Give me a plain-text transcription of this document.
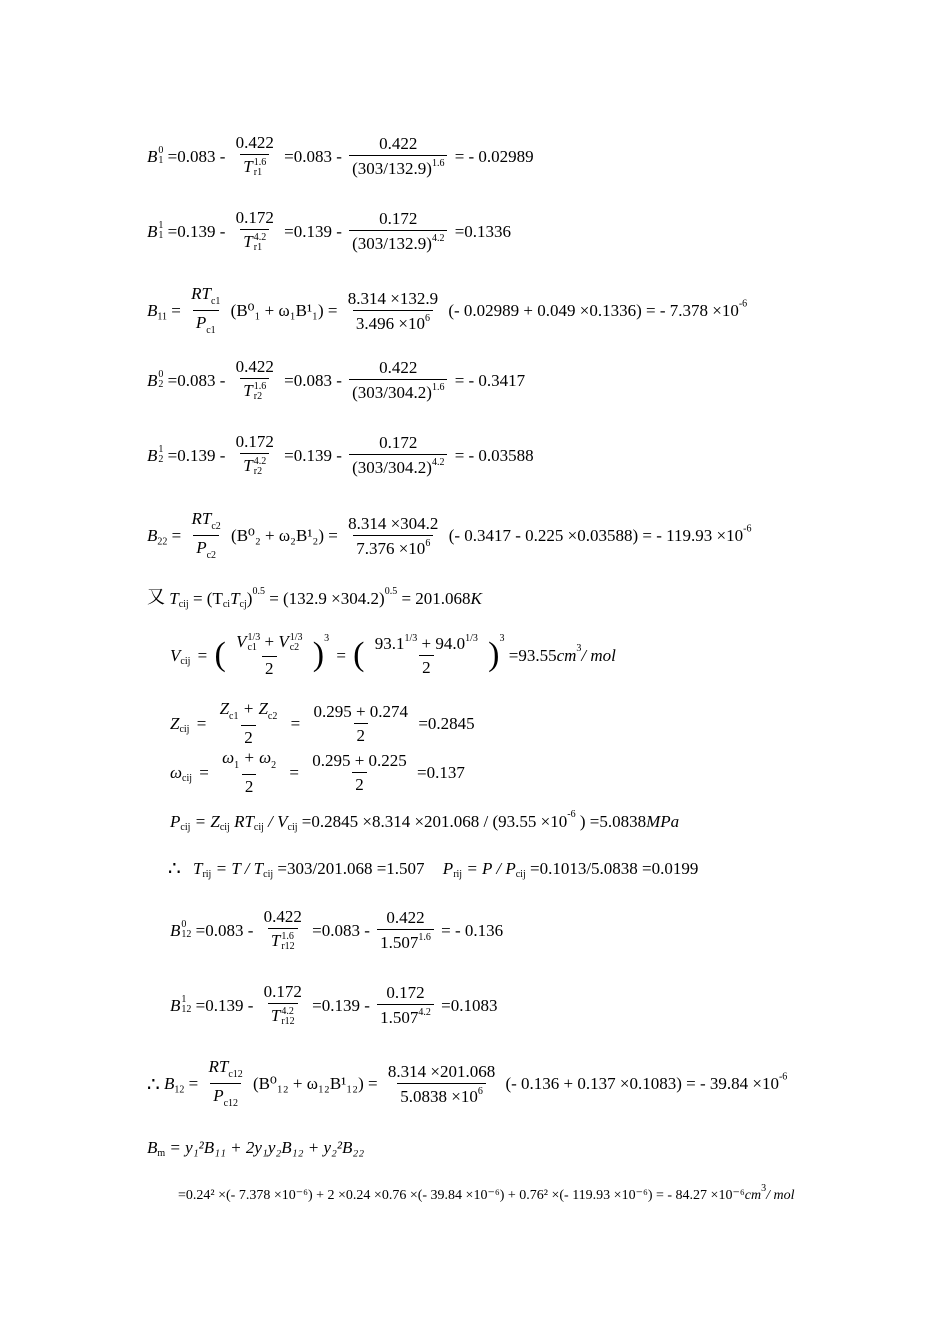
B 0
1 =0.083 - 0.422
T 1.6
$r1 =0.083 - \frac{0.422}{(303/132.9)^{1.6}}$ = - 0.02989
B 1
1 =0.139 - 0.172
T 4.2
$r1 =0.139 - \frac{0.172}{(303/132.9)^{4.2}} =0.1336$
$B_{11} = \frac{RT_{c1}}{P_{c1}} (B^0_1 + \omega_1B^1_1) = \frac{8.314 \times 132.9}{3.496 \times 10^6}$ (- 0.02989 + 0.049 ×0.1336) = - $7.378 \times 10^{-6}$
B 0
2 =0.083 - 0.422
T 1.6
$r2 =0.083 - \frac{0.422}{(303/304.2)^{1.6}}$ = - 0.3417
B 1
2 =0.139 - 0.172
T 4.2
$r2 =0.139 - \frac{0.172}{(303/304.2)^{4.2}}$ = - 0.03588
$B_{22} = \frac{RT_{c2}}{P_{c2}} (B^0_2 + \omega_2B^1_2) = \frac{8.314 \times 304.2}{7.376 \times 10^6}$ (- 0.3417 - 0.225 ×0.03588) = - $119.93 \times 10^{-6}$
又 $T_{cij} = (T_{ci}T_{cj})^{0.5} = (132.9 \times 304.2)^{0.5} = 201.068K$
$V_{cij}$ = ( V 1/3
c1 + V 1/3
c2
2 )$^3$ = ( $\frac{93.1^{1/3} + 94.0^{1/3}}{2} )^3 =93.55cm^3/$ mol
$Z_{cij} = \frac{Z_{c1} + Z_{c2}}{2} = \frac{0.295 + 0.274}{2} =0.2845$
$\omega_{cij} = \frac{\omega_1 + \omega_2}{2} = \frac{0.295 + 0.225}{2} =0.137$
$P_{cij} = Z_{cij}$ $RT_{cij} / V_{cij} =0.2845 \times 8.314 \times 201.068 / (93.55 \times 10^{-6}$ ) =5.0838MPa
∴ $T_{rij} = T / T_{cij} =303/201.068 =1.507$ $P_{rij} = P / P_{cij} =0.1013/5.0838 =0.0199$
B 0
12 =0.083 - 0.422
T 1.6
$r12 =0.083 - \frac{0.422}{1.507^{1.6}}$ = - 0.136
B 1
12 =0.139 - 0.172
T 4.2
$r12 =0.139 - \frac{0.172}{1.507^{4.2}} =0.1083$
∴ $B_{12} = \frac{RT_{c12}}{P_{c12}} (B^0_{12} + \omega_{12}B^1_{12}) = \frac{8.314 \times 201.068}{5.0838 \times 10^6}$ (- 0.136 + 0.137 ×0.1083) = - $39.84 \times 10^{-6}$
$B_m = y_1^2B_{11} + 2y_1y_2B_{12} + y_2^2B_{22}$
=0.24² ×(- 7.378 ×10⁻⁶) + 2 ×0.24 ×0.76 ×(- 39.84 ×10⁻⁶) + 0.76² ×(- 119.93 ×10⁻⁶) = - $84.27 \times 10^{-6}cm^3/$ mol
